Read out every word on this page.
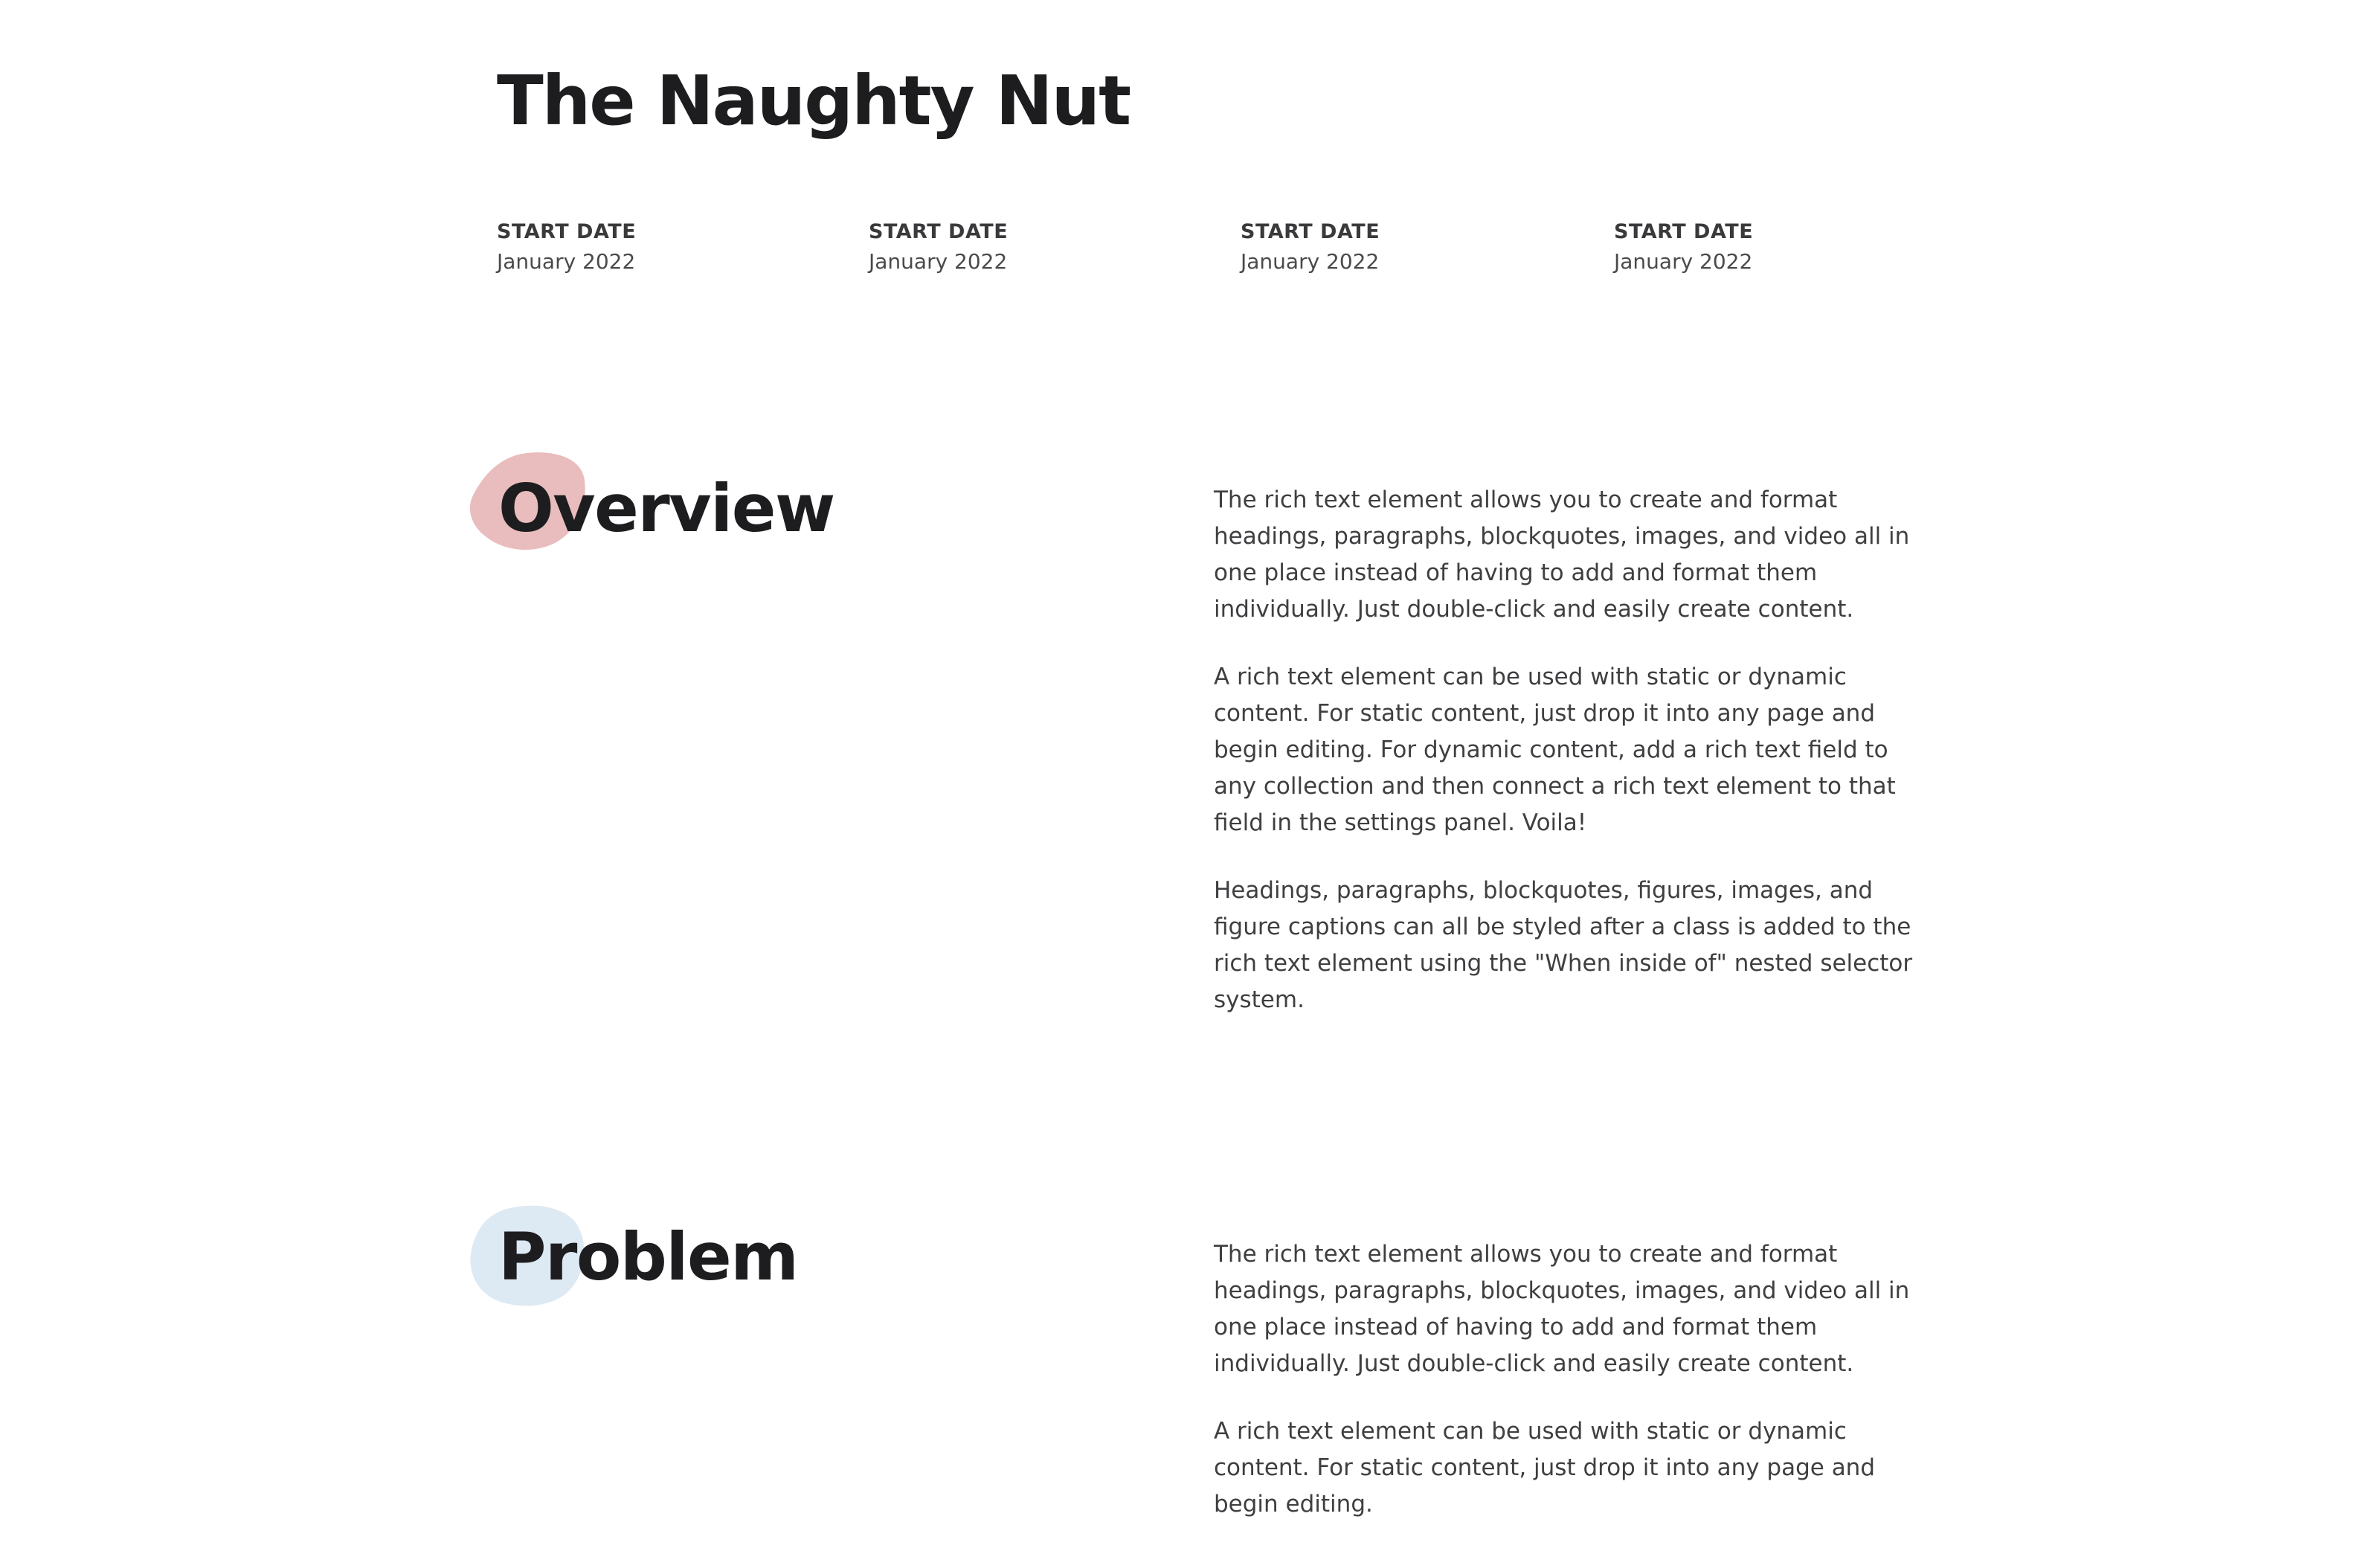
The Naughty Nut
START DATE
January 2022
START DATE
January 2022
START DATE
January 2022
START DATE
January 2022
Overview	The rich text element allows you to create and format headings, paragraphs, blockquotes, images, and video all in one place instead of having to add and format them individually. Just double-click and easily create content.

A rich text element can be used with static or dynamic content. For static content, just drop it into any page and begin editing. For dynamic content, add a rich text field to any collection and then connect a rich text element to that field in the settings panel. Voila!

Headings, paragraphs, blockquotes, figures, images, and figure captions can all be styled after a class is added to the rich text element using the "When inside of" nested selector system.

Problem	The rich text element allows you to create and format headings, paragraphs, blockquotes, images, and video all in one place instead of having to add and format them individually. Just double-click and easily create content.

A rich text element can be used with static or dynamic content. For static content, just drop it into any page and begin editing.
